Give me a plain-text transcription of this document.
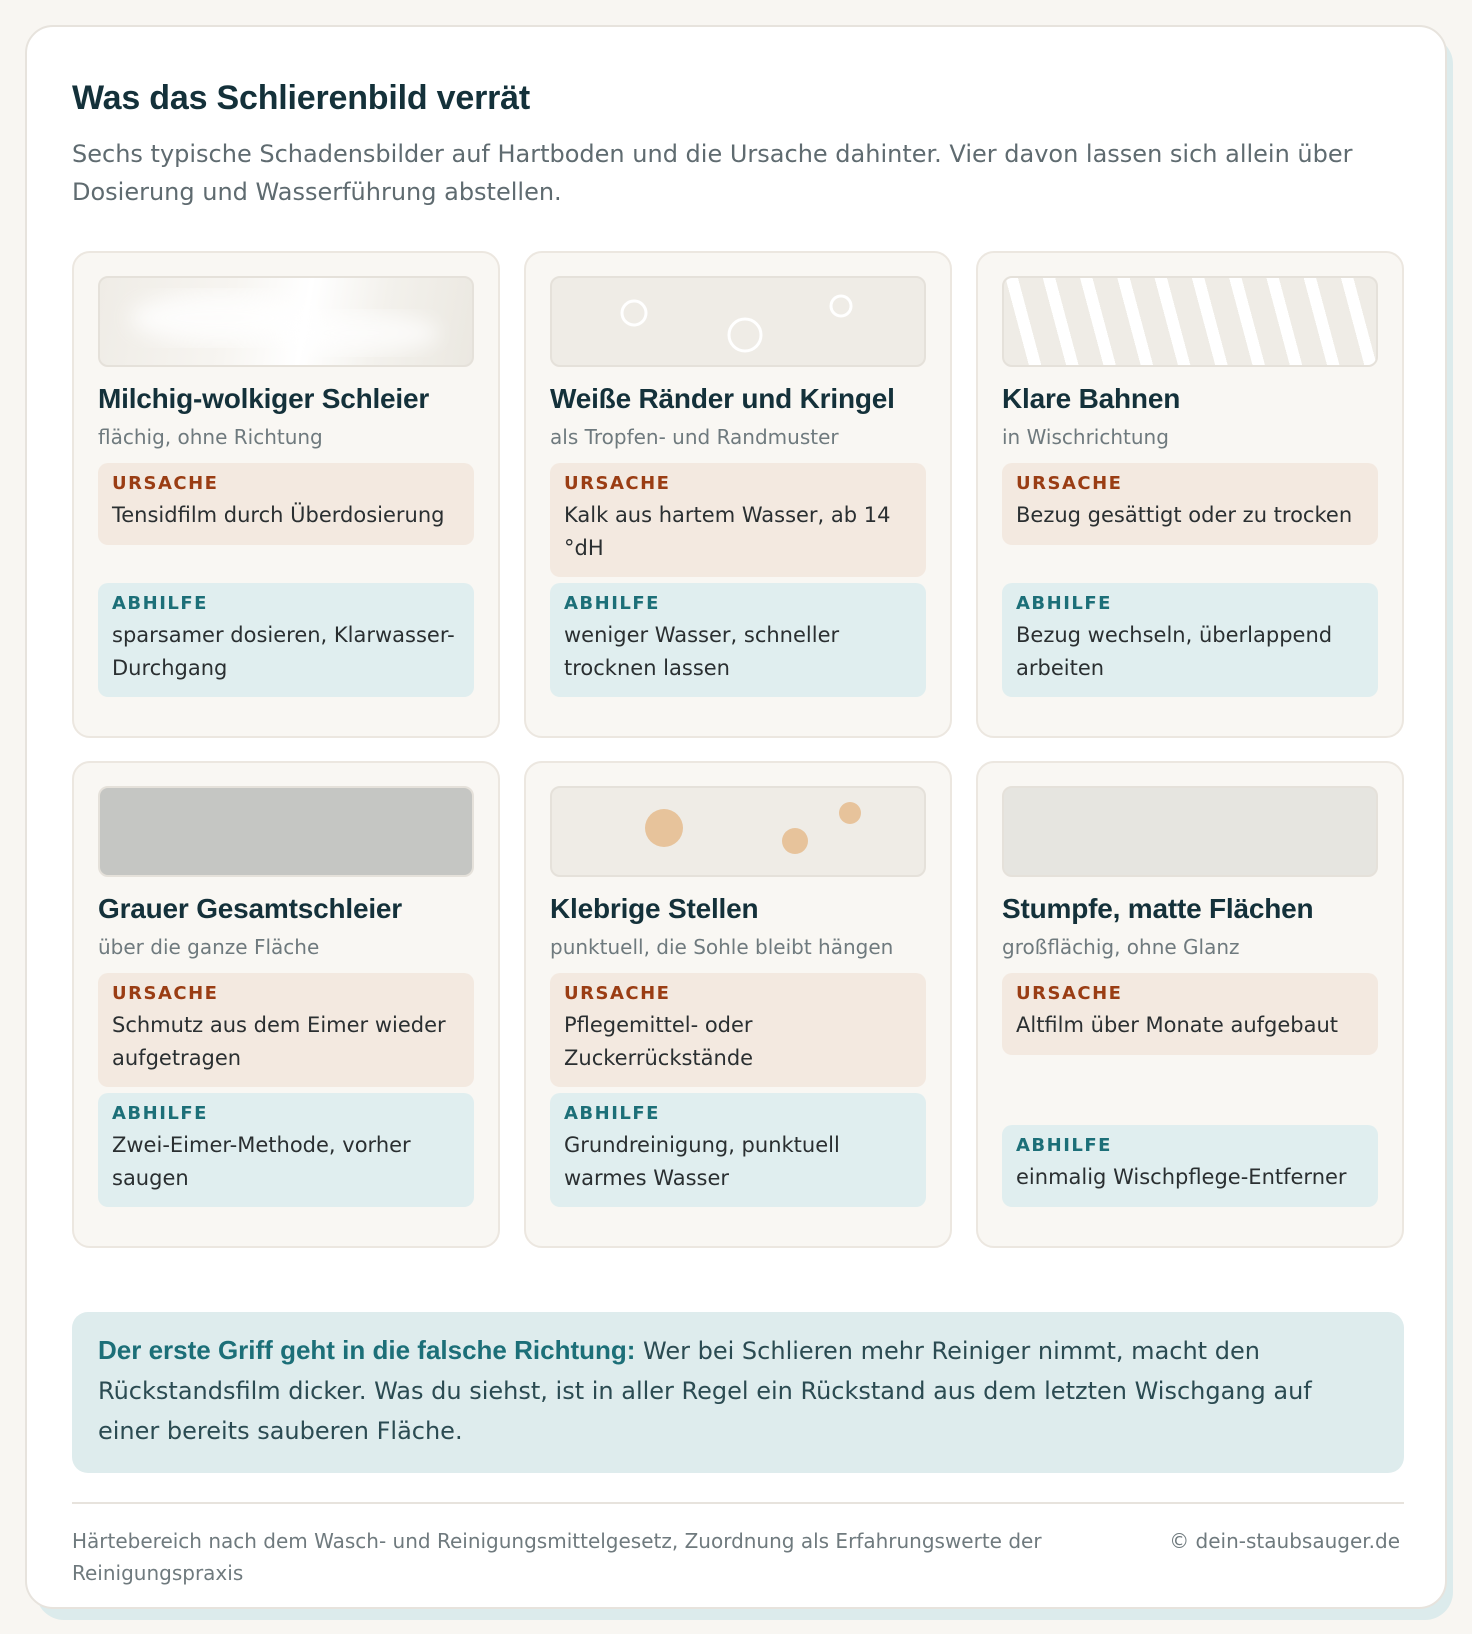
Was das Schlierenbild verrät

Sechs typische Schadensbilder auf Hartboden und die Ursache dahinter. Vier davon lassen sich allein über Dosierung und Wasserführung abstellen.

Milchig-wolkiger Schleier
flächig, ohne Richtung
URSACHE
Tensidfilm durch Überdosierung
ABHILFE
sparsamer dosieren, Klarwasser-Durchgang
Weiße Ränder und Kringel
als Tropfen- und Randmuster
URSACHE
Kalk aus hartem Wasser, ab 14 °dH
ABHILFE
weniger Wasser, schneller trocknen lassen
Klare Bahnen
in Wischrichtung
URSACHE
Bezug gesättigt oder zu trocken
ABHILFE
Bezug wechseln, überlappend arbeiten
Grauer Gesamtschleier
über die ganze Fläche
URSACHE
Schmutz aus dem Eimer wieder aufgetragen
ABHILFE
Zwei-Eimer-Methode, vorher saugen
Klebrige Stellen
punktuell, die Sohle bleibt hängen
URSACHE
Pflegemittel- oder Zuckerrückstände
ABHILFE
Grundreinigung, punktuell warmes Wasser
Stumpfe, matte Flächen
großflächig, ohne Glanz
URSACHE
Altfilm über Monate aufgebaut
ABHILFE
einmalig Wischpflege-Entferner
Der erste Griff geht in die falsche Richtung: Wer bei Schlieren mehr Reiniger nimmt, macht den Rückstandsfilm dicker. Was du siehst, ist in aller Regel ein Rückstand aus dem letzten Wischgang auf einer bereits sauberen Fläche.
Härtebereich nach dem Wasch- und Reinigungsmittelgesetz, Zuordnung als Erfahrungswerte der Reinigungspraxis
© dein-staubsauger.de
